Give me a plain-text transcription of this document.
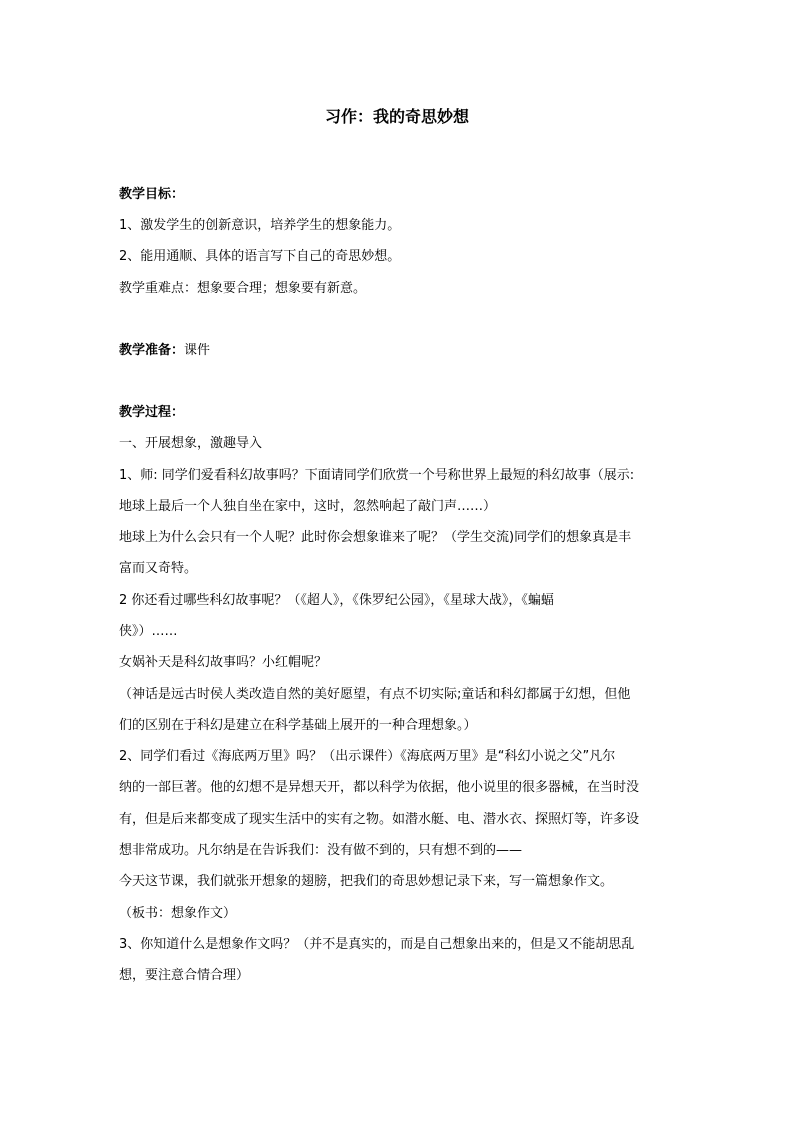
习作：我的奇思妙想

教学目标：

1、激发学生的创新意识，培养学生的想象能力。

2、能用通顺、具体的语言写下自己的奇思妙想。

教学重难点：想象要合理；想象要有新意。

教学准备：课件

教学过程：

一、开展想象，激趣导入

1、师: 同学们爱看科幻故事吗？下面请同学们欣赏一个号称世界上最短的科幻故事（展示:

地球上最后一个人独自坐在家中，这时，忽然响起了敲门声……）

地球上为什么会只有一个人呢？此时你会想象谁来了呢？（学生交流)同学们的想象真是丰

富而又奇特。

2 你还看过哪些科幻故事呢？（《超人》，《侏罗纪公园》，《星球大战》，《蝙蝠

侠》）……

女娲补天是科幻故事吗？小红帽呢？

（神话是远古时侯人类改造自然的美好愿望，有点不切实际;童话和科幻都属于幻想，但他

们的区别在于科幻是建立在科学基础上展开的一种合理想象。）

2、同学们看过《海底两万里》吗？（出示课件）《海底两万里》是“科幻小说之父”凡尔

纳的一部巨著。他的幻想不是异想天开，都以科学为依据，他小说里的很多器械，在当时没

有，但是后来都变成了现实生活中的实有之物。如潜水艇、电、潜水衣、探照灯等，许多设

想非常成功。凡尔纳是在告诉我们：没有做不到的，只有想不到的——

今天这节课，我们就张开想象的翅膀，把我们的奇思妙想记录下来，写一篇想象作文。

（板书：想象作文）

3、你知道什么是想象作文吗？（并不是真实的，而是自己想象出来的，但是又不能胡思乱

想，要注意合情合理）
